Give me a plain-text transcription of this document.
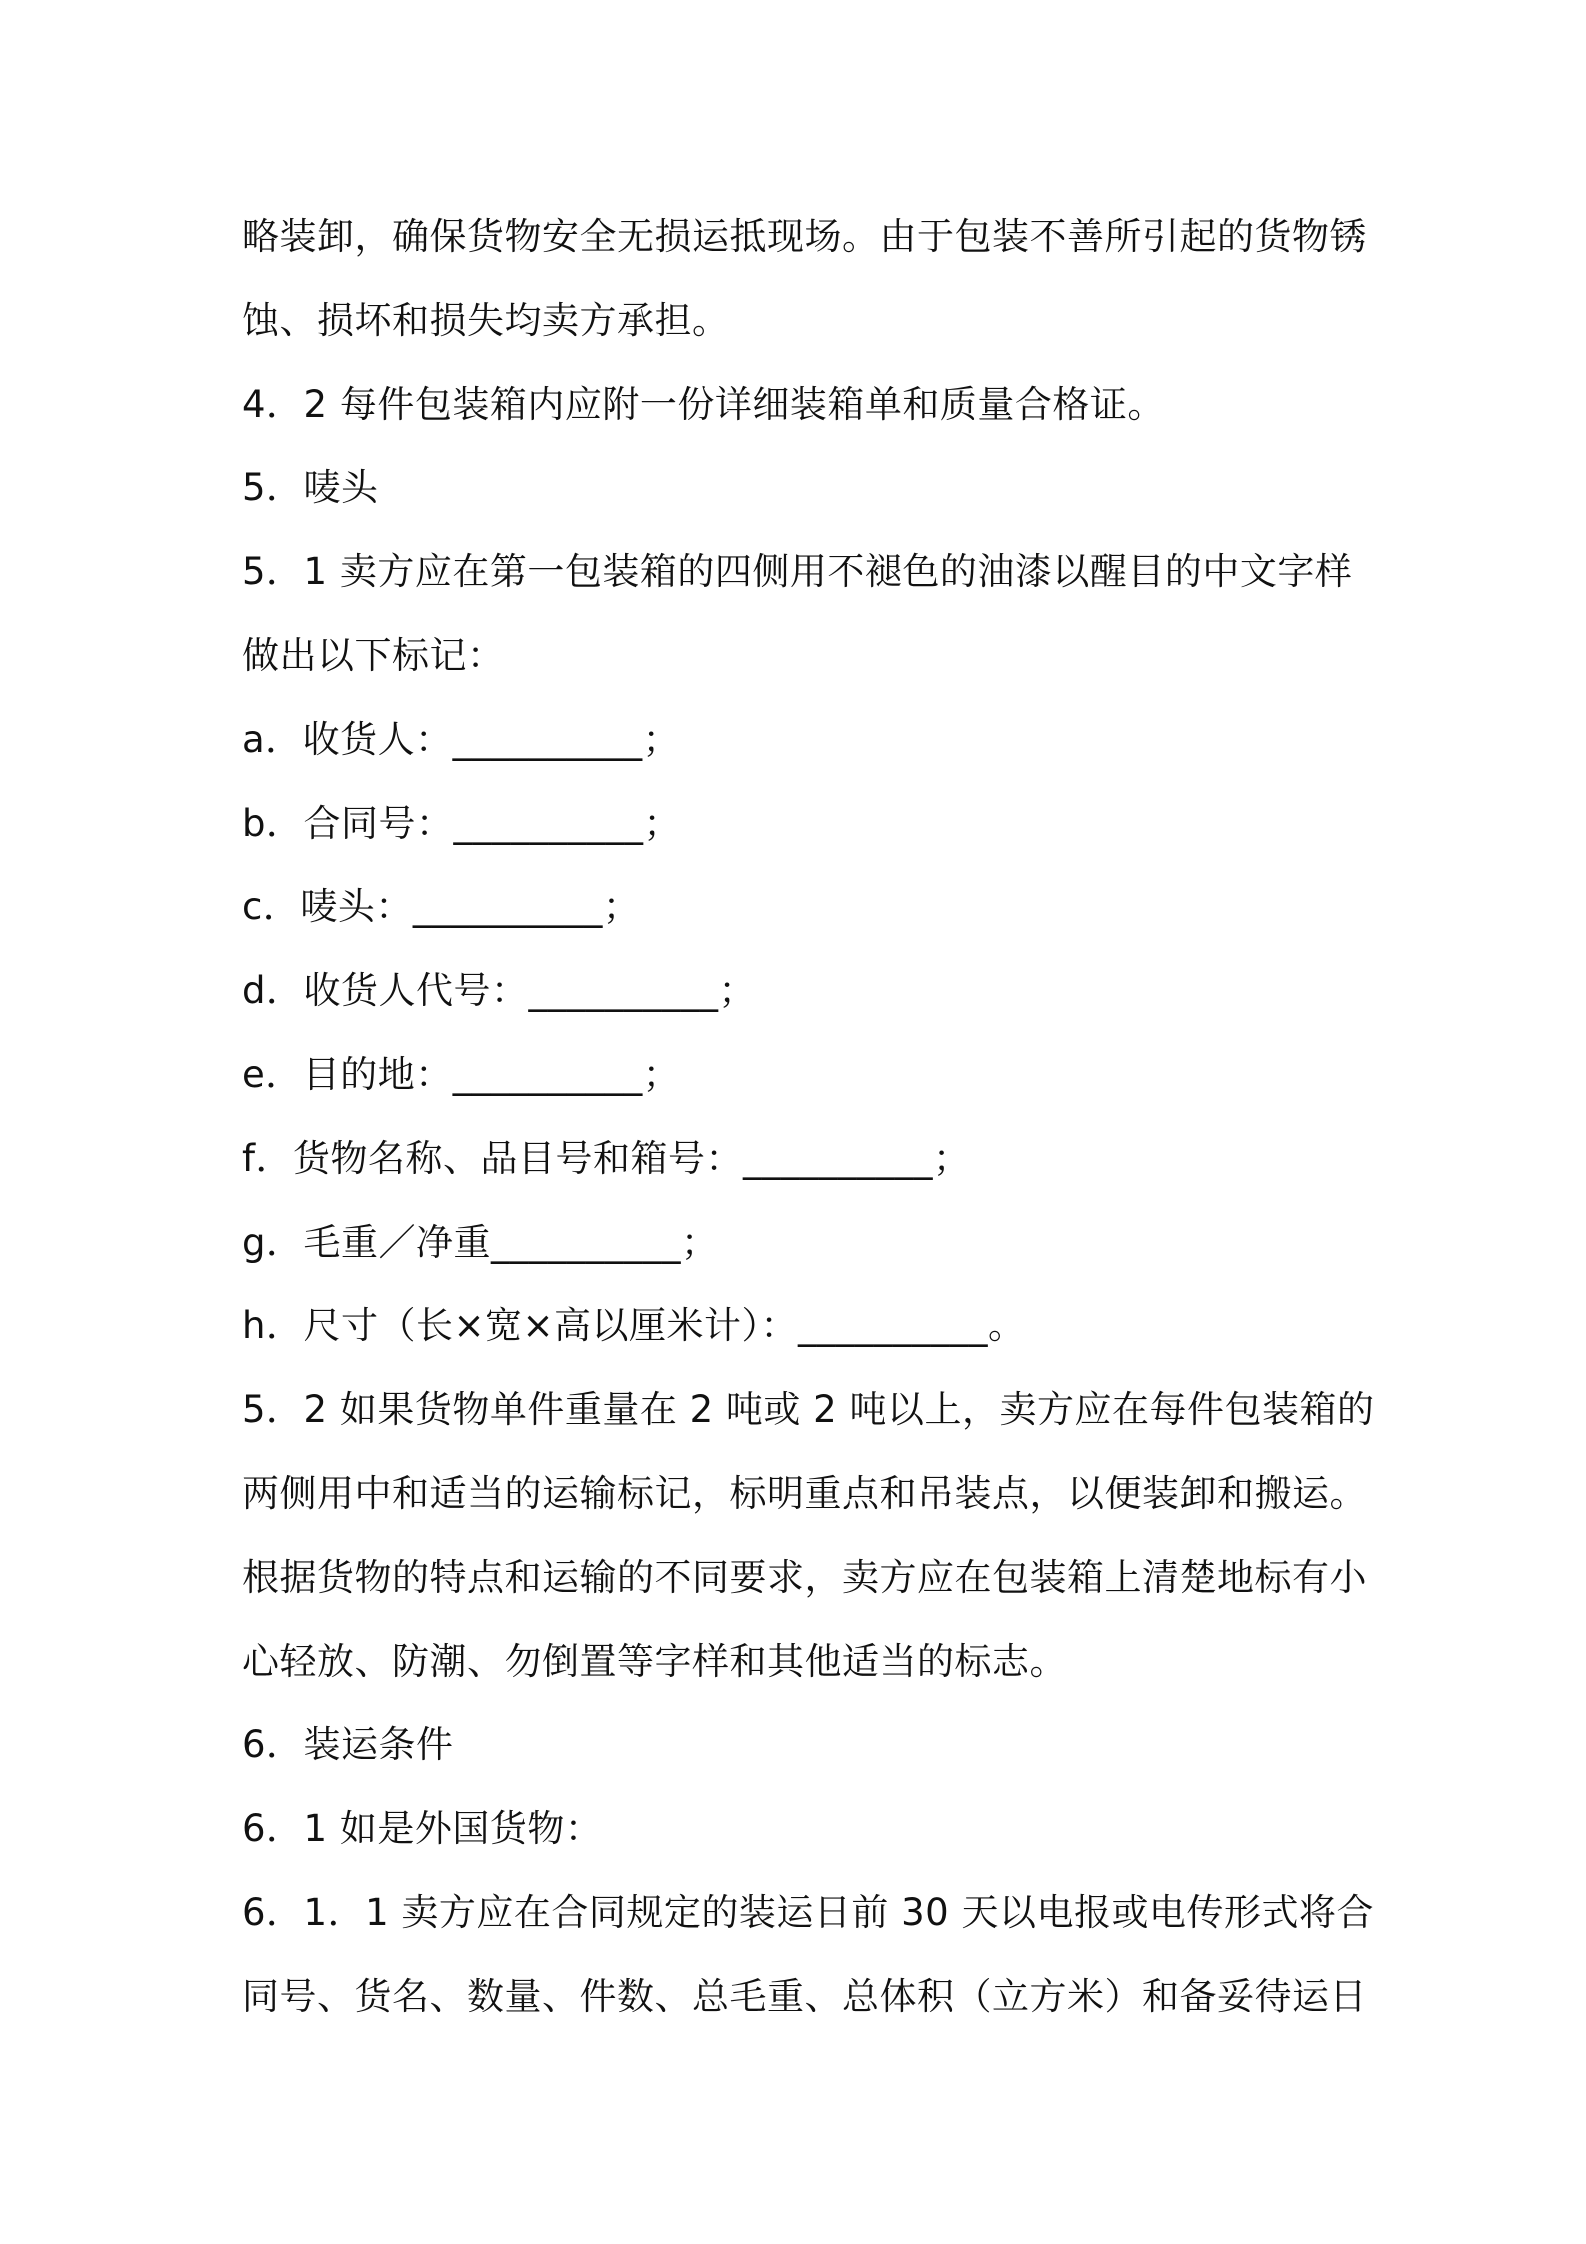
略装卸，确保货物安全无损运抵现场。由于包装不善所引起的货物锈
蚀、损坏和损失均卖方承担。
4．2 每件包装箱内应附一份详细装箱单和质量合格证。
5．唛头
5．1 卖方应在第一包装箱的四侧用不褪色的油漆以醒目的中文字样
做出以下标记：
a．收货人：__________；
b．合同号：__________；
c．唛头：__________；
d．收货人代号：__________；
e．目的地：__________；
f．货物名称、品目号和箱号：__________；
g．毛重／净重__________；
h．尺寸（长×宽×高以厘米计）：__________。
5．2 如果货物单件重量在 2 吨或 2 吨以上，卖方应在每件包装箱的
两侧用中和适当的运输标记，标明重点和吊装点，以便装卸和搬运。
根据货物的特点和运输的不同要求，卖方应在包装箱上清楚地标有小
心轻放、防潮、勿倒置等字样和其他适当的标志。
6．装运条件
6．1 如是外国货物：
6．1．1 卖方应在合同规定的装运日前 30 天以电报或电传形式将合
同号、货名、数量、件数、总毛重、总体积（立方米）和备妥待运日
